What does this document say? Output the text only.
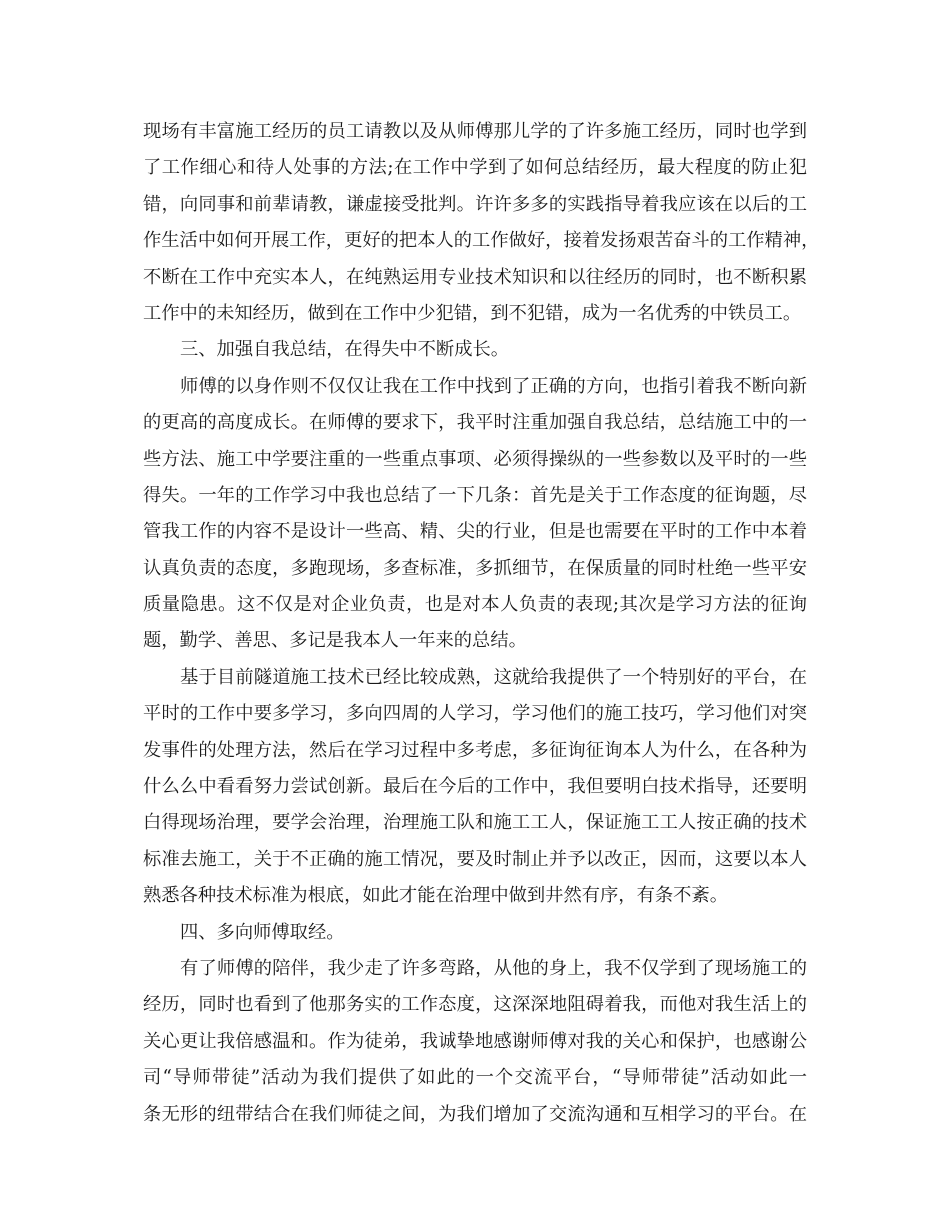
现场有丰富施工经历的员工请教以及从师傅那儿学的了许多施工经历，同时也学到
了工作细心和待人处事的方法;在工作中学到了如何总结经历，最大程度的防止犯
错，向同事和前辈请教，谦虚接受批判。许许多多的实践指导着我应该在以后的工
作生活中如何开展工作，更好的把本人的工作做好，接着发扬艰苦奋斗的工作精神，
不断在工作中充实本人，在纯熟运用专业技术知识和以往经历的同时，也不断积累
工作中的未知经历，做到在工作中少犯错，到不犯错，成为一名优秀的中铁员工。
三、加强自我总结，在得失中不断成长。
师傅的以身作则不仅仅让我在工作中找到了正确的方向，也指引着我不断向新
的更高的高度成长。在师傅的要求下，我平时注重加强自我总结，总结施工中的一
些方法、施工中学要注重的一些重点事项、必须得操纵的一些参数以及平时的一些
得失。一年的工作学习中我也总结了一下几条：首先是关于工作态度的征询题，尽
管我工作的内容不是设计一些高、精、尖的行业，但是也需要在平时的工作中本着
认真负责的态度，多跑现场，多查标准，多抓细节，在保质量的同时杜绝一些平安
质量隐患。这不仅是对企业负责，也是对本人负责的表现;其次是学习方法的征询
题，勤学、善思、多记是我本人一年来的总结。
基于目前隧道施工技术已经比较成熟，这就给我提供了一个特别好的平台，在
平时的工作中要多学习，多向四周的人学习，学习他们的施工技巧，学习他们对突
发事件的处理方法，然后在学习过程中多考虑，多征询征询本人为什么，在各种为
什么么中看看努力尝试创新。最后在今后的工作中，我但要明白技术指导，还要明
白得现场治理，要学会治理，治理施工队和施工工人，保证施工工人按正确的技术
标准去施工，关于不正确的施工情况，要及时制止并予以改正，因而，这要以本人
熟悉各种技术标准为根底，如此才能在治理中做到井然有序，有条不紊。
四、多向师傅取经。
有了师傅的陪伴，我少走了许多弯路，从他的身上，我不仅学到了现场施工的
经历，同时也看到了他那务实的工作态度，这深深地阻碍着我，而他对我生活上的
关心更让我倍感温和。作为徒弟，我诚挚地感谢师傅对我的关心和保护，也感谢公
司“导师带徒”活动为我们提供了如此的一个交流平台，“导师带徒”活动如此一
条无形的纽带结合在我们师徒之间，为我们增加了交流沟通和互相学习的平台。在
